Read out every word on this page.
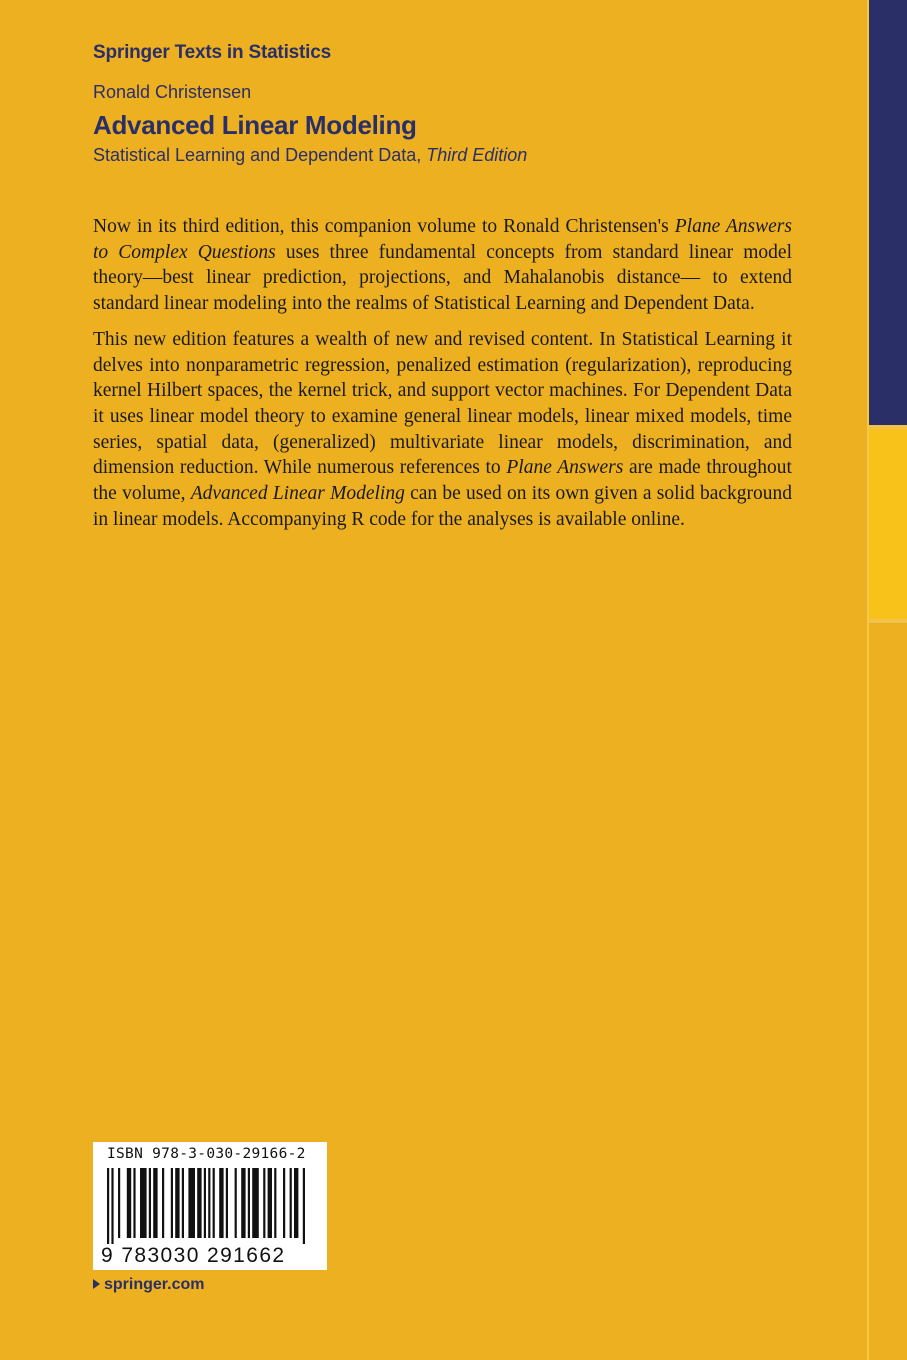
Springer Texts in Statistics
Ronald Christensen
Advanced Linear Modeling
Statistical Learning and Dependent Data, Third Edition

Now in its third edition, this companion volume to Ronald Christensen's Plane Answers to Complex Questions uses three fundamental concepts from standard linear model theory—best linear prediction, projections, and Mahalanobis distance— to extend standard linear modeling into the realms of Statistical Learning and Dependent Data.

This new edition features a wealth of new and revised content. In Statistical Learning it delves into nonparametric regression, penalized estimation (regularization), reproducing kernel Hilbert spaces, the kernel trick, and support vector machines. For Dependent Data it uses linear model theory to examine general linear models, linear mixed models, time series, spatial data, (generalized) multivariate linear models, discrimination, and dimension reduction. While numerous references to Plane Answers are made throughout the volume, Advanced Linear Modeling can be used on its own given a solid background in linear models. Accompanying R code for the analyses is available online.

ISBN 978-3-030-29166-2
9 783030 291662
springer.com
